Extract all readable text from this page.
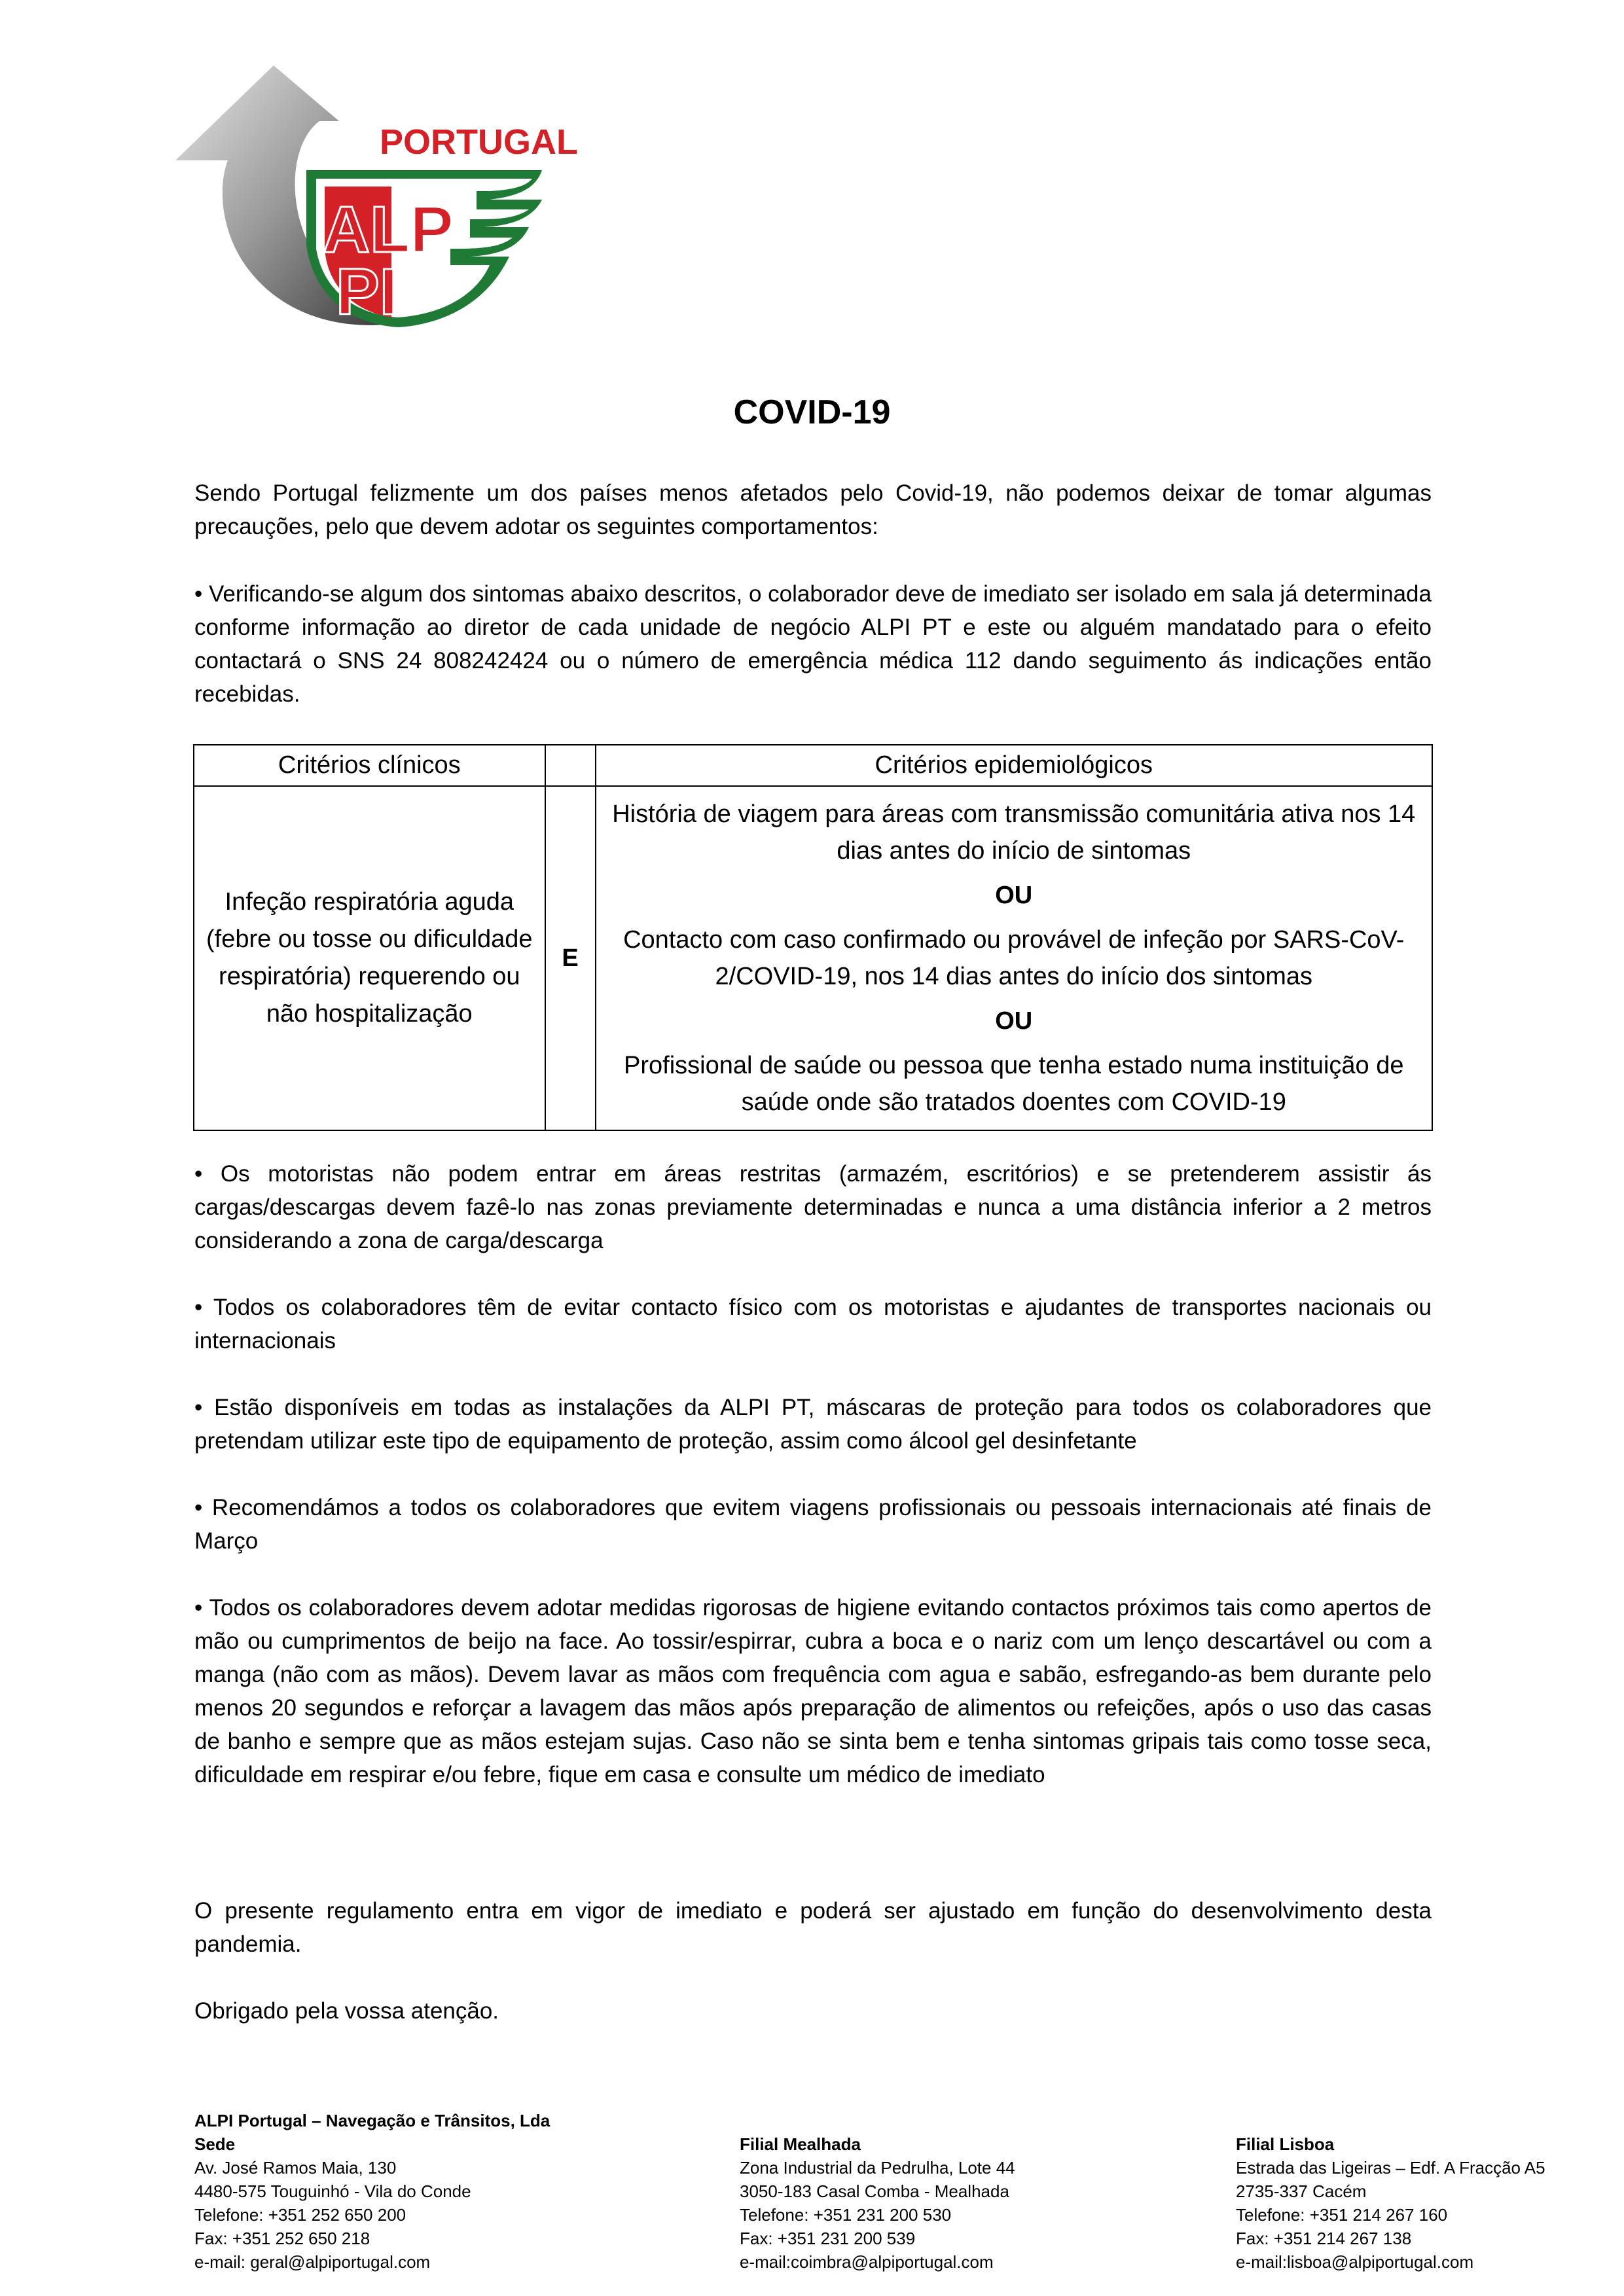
PORTUGAL
ALP
PI
COVID-19
Sendo Portugal felizmente um dos países menos afetados pelo Covid-19, não podemos deixar de tomar algumas precauções, pelo que devem adotar os seguintes comportamentos:
• Verificando-se algum dos sintomas abaixo descritos, o colaborador deve de imediato ser isolado em sala já determinada conforme informação ao diretor de cada unidade de negócio ALPI PT e este ou alguém mandatado para o efeito contactará o SNS 24 808242424 ou o número de emergência médica 112 dando seguimento ás indicações então recebidas.
Critérios clínicos		Critérios epidemiológicos
Infeção respiratória aguda (febre ou tosse ou dificuldade respiratória) requerendo ou não hospitalização	E	História de viagem para áreas com transmissão comunitária ativa nos 14 dias antes do início de sintomas
OU
Contacto com caso confirmado ou provável de infeção por SARS-CoV-2/COVID-19, nos 14 dias antes do início dos sintomas
OU
Profissional de saúde ou pessoa que tenha estado numa instituição de saúde onde são tratados doentes com COVID-19
• Os motoristas não podem entrar em áreas restritas (armazém, escritórios) e se pretenderem assistir ás cargas/descargas devem fazê-lo nas zonas previamente determinadas e nunca a uma distância inferior a 2 metros considerando a zona de carga/descarga
• Todos os colaboradores têm de evitar contacto físico com os motoristas e ajudantes de transportes nacionais ou internacionais
• Estão disponíveis em todas as instalações da ALPI PT, máscaras de proteção para todos os colaboradores que pretendam utilizar este tipo de equipamento de proteção, assim como álcool gel desinfetante
• Recomendámos a todos os colaboradores que evitem viagens profissionais ou pessoais internacionais até finais de Março
• Todos os colaboradores devem adotar medidas rigorosas de higiene evitando contactos próximos tais como apertos de mão ou cumprimentos de beijo na face. Ao tossir/espirrar, cubra a boca e o nariz com um lenço descartável ou com a manga (não com as mãos). Devem lavar as mãos com frequência com agua e sabão, esfregando-as bem durante pelo menos 20 segundos e reforçar a lavagem das mãos após preparação de alimentos ou refeições, após o uso das casas de banho e sempre que as mãos estejam sujas. Caso não se sinta bem e tenha sintomas gripais tais como tosse seca, dificuldade em respirar e/ou febre, fique em casa e consulte um médico de imediato
O presente regulamento entra em vigor de imediato e poderá ser ajustado em função do desenvolvimento desta pandemia.
Obrigado pela vossa atenção.
ALPI Portugal – Navegação e Trânsitos, Lda
Sede
Av. José Ramos Maia, 130
4480-575 Touguinhó - Vila do Conde
Telefone: +351 252 650 200
Fax: +351 252 650 218
e-mail: geral@alpiportugal.com
Filial Mealhada
Zona Industrial da Pedrulha, Lote 44
3050-183 Casal Comba - Mealhada
Telefone: +351 231 200 530
Fax: +351 231 200 539
e-mail:coimbra@alpiportugal.com
Filial Lisboa
Estrada das Ligeiras – Edf. A Fracção A5
2735-337 Cacém
Telefone: +351 214 267 160
Fax: +351 214 267 138
e-mail:lisboa@alpiportugal.com
